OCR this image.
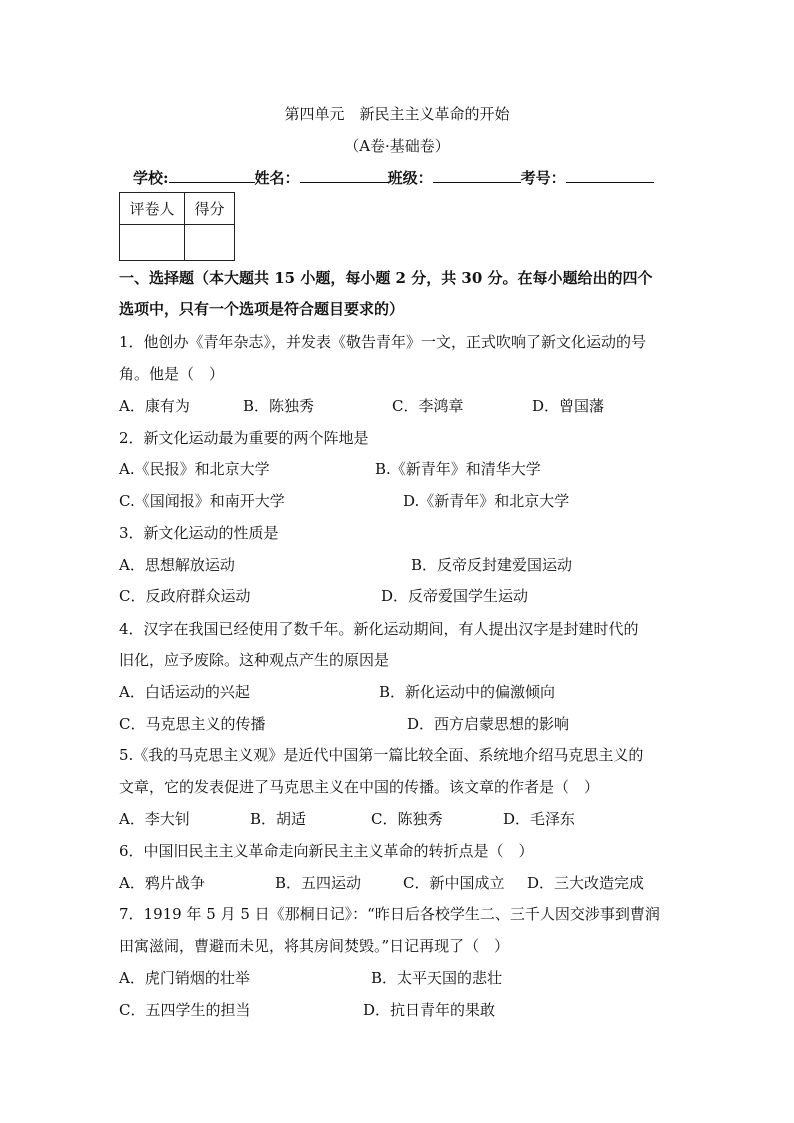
第四单元　新民主主义革命的开始
（A卷·基础卷）
学校:	姓名：	班级：	考号：
评卷人	得分

一、选择题（本大题共 15 小题，每小题 2 分，共 30 分。在每小题给出的四个
选项中，只有一个选项是符合题目要求的）
1．他创办《青年杂志》，并发表《敬告青年》一文，正式吹响了新文化运动的号
角。他是（　）
A．康有为	B．陈独秀	C．李鸿章	D．曾国藩
2．新文化运动最为重要的两个阵地是
A.《民报》和北京大学	B.《新青年》和清华大学
C.《国闻报》和南开大学	D.《新青年》和北京大学
3．新文化运动的性质是
A．思想解放运动	B．反帝反封建爱国运动
C．反政府群众运动	D．反帝爱国学生运动
4．汉字在我国已经使用了数千年。新化运动期间，有人提出汉字是封建时代的
旧化，应予废除。这种观点产生的原因是
A．白话运动的兴起	B．新化运动中的偏激倾向
C．马克思主义的传播	D．西方启蒙思想的影响
5.《我的马克思主义观》是近代中国第一篇比较全面、系统地介绍马克思主义的
文章，它的发表促进了马克思主义在中国的传播。该文章的作者是（　）
A．李大钊	B．胡适	C．陈独秀	D．毛泽东
6．中国旧民主主义革命走向新民主主义革命的转折点是（　）
A．鸦片战争	B．五四运动	C．新中国成立 D．三大改造完成
7．1919 年 5 月 5 日《那桐日记》：“昨日后各校学生二、三千人因交涉事到曹润
田寓滋闹，曹避而未见，将其房间焚毁。”日记再现了（　）
A．虎门销烟的壮举	B．太平天国的悲壮
C．五四学生的担当	D．抗日青年的果敢
